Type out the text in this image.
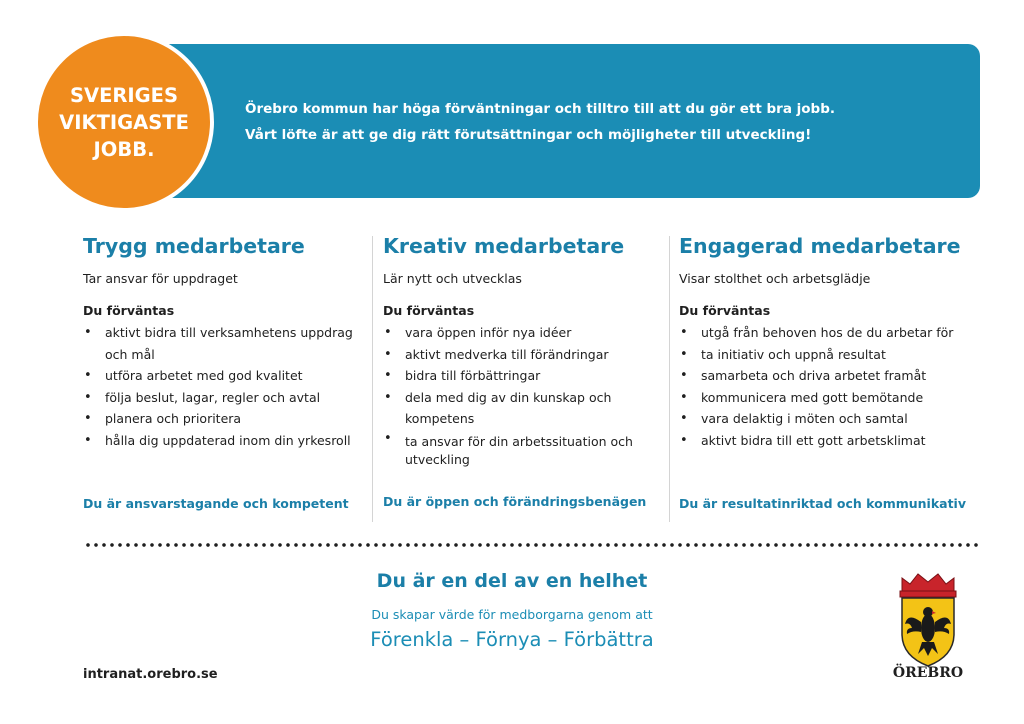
Örebro kommun har höga förväntningar och tilltro till att du gör ett bra jobb.
Vårt löfte är att ge dig rätt förutsättningar och möjligheter till utveckling!
SVERIGES
VIKTIGASTE
JOBB.
Trygg medarbetare
Tar ansvar för uppdraget
Du förväntas
• aktivt bidra till verksamhetens uppdrag och mål
• utföra arbetet med god kvalitet
• följa beslut, lagar, regler och avtal
• planera och prioritera
• hålla dig uppdaterad inom din yrkesroll
Du är ansvarstagande och kompetent
Kreativ medarbetare
Lär nytt och utvecklas
Du förväntas
• vara öppen inför nya idéer
• aktivt medverka till förändringar
• bidra till förbättringar
• dela med dig av din kunskap och kompetens
• ta ansvar för din arbetssituation och utveckling
Du är öppen och förändringsbenägen
Engagerad medarbetare
Visar stolthet och arbetsglädje
Du förväntas
• utgå från behoven hos de du arbetar för
• ta initiativ och uppnå resultat
• samarbeta och driva arbetet framåt
• kommunicera med gott bemötande
• vara delaktig i möten och samtal
• aktivt bidra till ett gott arbetsklimat
Du är resultatinriktad och kommunikativ
Du är en del av en helhet
Du skapar värde för medborgarna genom att
Förenkla – Förnya – Förbättra
intranat.orebro.se	ÖREBRO
